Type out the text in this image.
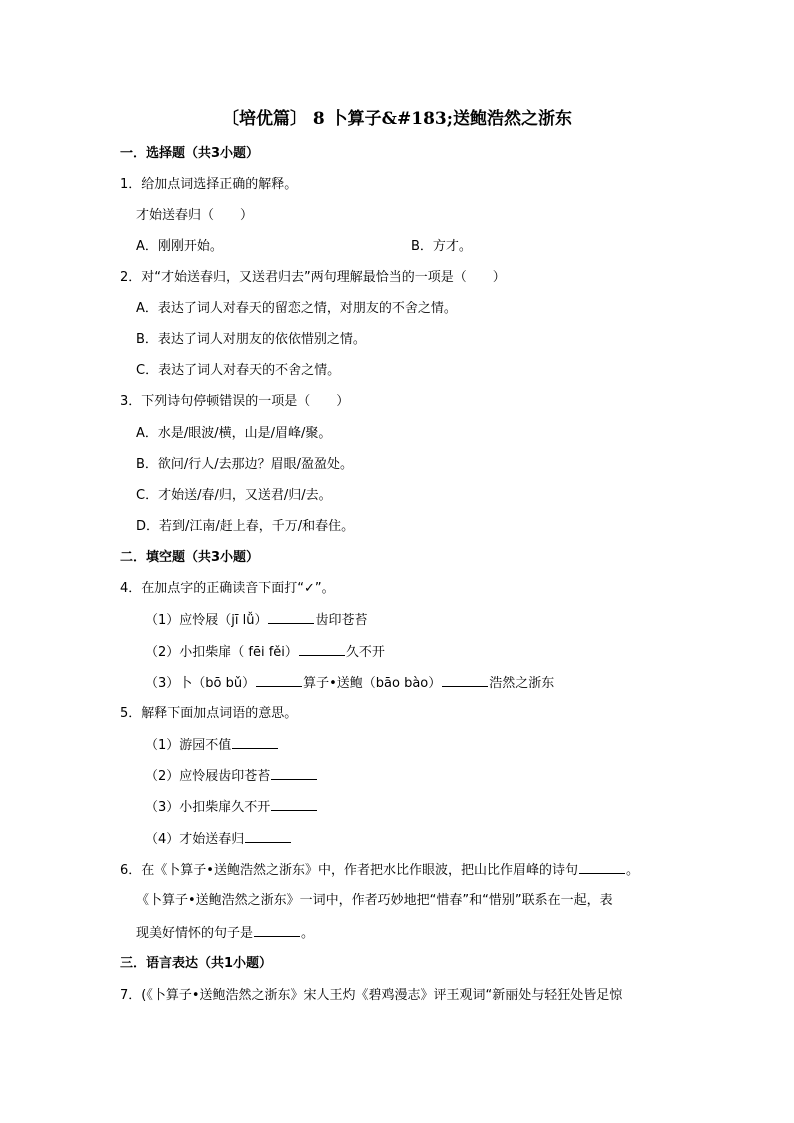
〔培优篇〕 8 卜算子&#183;送鲍浩然之浙东
一．选择题（共3小题）
1．给加点词选择正确的解释。
才始送春归（　　）
A．刚刚开始。	B．方才。
2．对“才始送春归，又送君归去”两句理解最恰当的一项是（　　）
A．表达了词人对春天的留恋之情，对朋友的不舍之情。
B．表达了词人对朋友的依依惜别之情。
C．表达了词人对春天的不舍之情。
3．下列诗句停顿错误的一项是（　　）
A．水是/眼波/横，山是/眉峰/聚。
B．欲问/行人/去那边？眉眼/盈盈处。
C．才始送/春/归，又送君/归/去。
D．若到/江南/赶上春，千万/和春住。
二．填空题（共3小题）
4．在加点字的正确读音下面打“✓”。
（1）应怜屐（jī lǚ）	齿印苍苔
（2）小扣柴扉（ fēi fěi）	久不开
（3）卜（bō bǔ）	算子•送鲍（bāo bào）	浩然之浙东
5．解释下面加点词语的意思。
（1）游园不值
（2）应怜屐齿印苍苔
（3）小扣柴扉久不开
（4）才始送春归
6．在《卜算子•送鲍浩然之浙东》中，作者把水比作眼波，把山比作眉峰的诗句	。
《卜算子•送鲍浩然之浙东》一词中，作者巧妙地把“惜春”和“惜别”联系在一起，表
现美好情怀的句子是	。
三．语言表达（共1小题）
7．(《卜算子•送鲍浩然之浙东》宋人王灼《碧鸡漫志》评王观词“新丽处与轻狂处皆足惊
